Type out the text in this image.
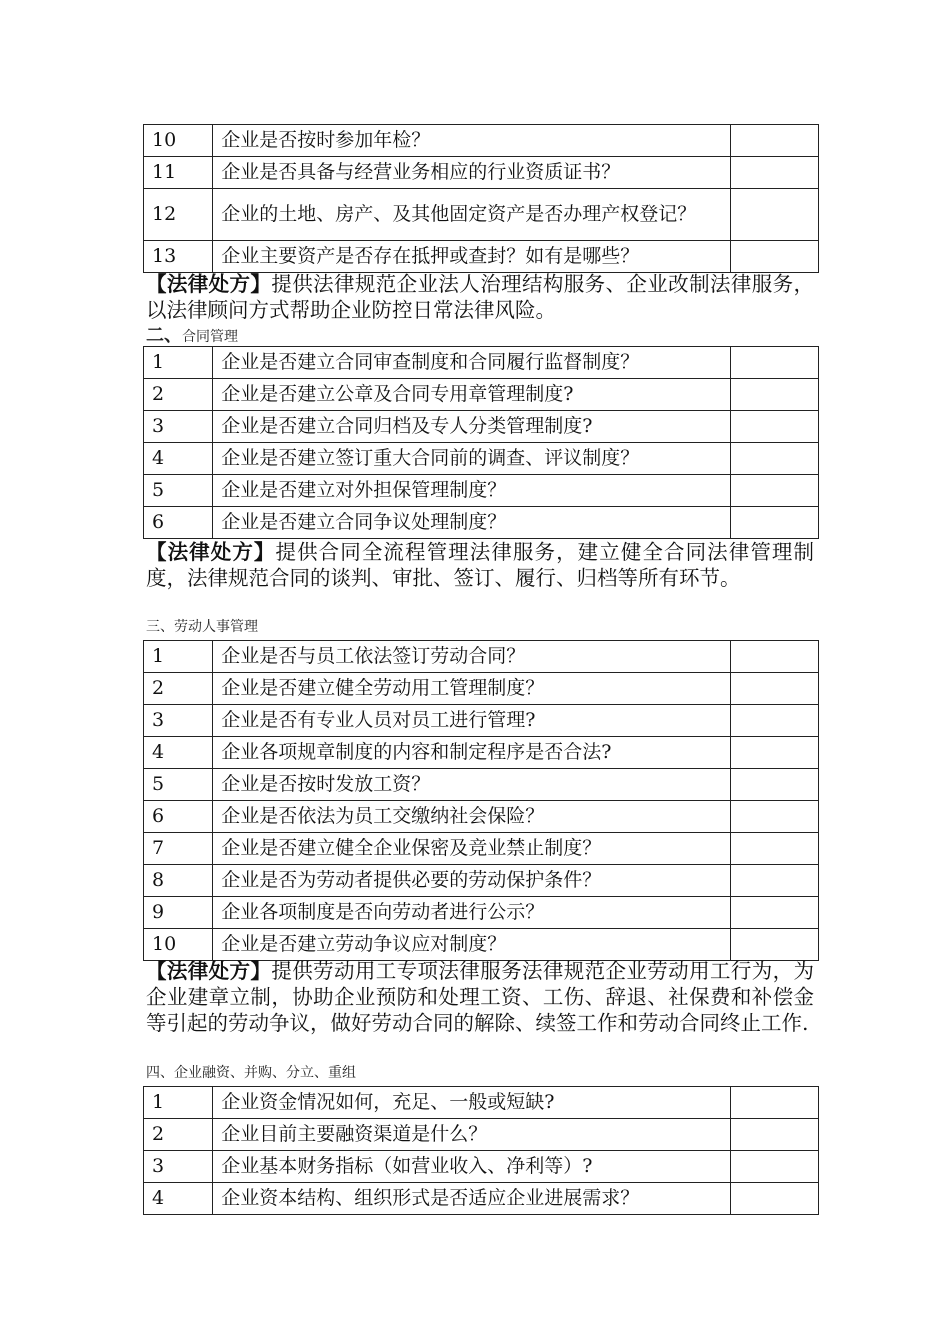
10	企业是否按时参加年检？	
11	企业是否具备与经营业务相应的行业资质证书？	
12	企业的土地、房产、及其他固定资产是否办理产权登记？	
13	企业主要资产是否存在抵押或查封？如有是哪些？	

【法律处方】提供法律规范企业法人治理结构服务、企业改制法律服务，以法律顾问方式帮助企业防控日常法律风险。

二、合同管理
1	企业是否建立合同审查制度和合同履行监督制度？	
2	企业是否建立公章及合同专用章管理制度?	
3	企业是否建立合同归档及专人分类管理制度?	
4	企业是否建立签订重大合同前的调查、评议制度？	
5	企业是否建立对外担保管理制度？	
6	企业是否建立合同争议处理制度？	

【法律处方】提供合同全流程管理法律服务，建立健全合同法律管理制度，法律规范合同的谈判、审批、签订、履行、归档等所有环节。

三、劳动人事管理
1	企业是否与员工依法签订劳动合同？	
2	企业是否建立健全劳动用工管理制度？	
3	企业是否有专业人员对员工进行管理?	
4	企业各项规章制度的内容和制定程序是否合法?	
5	企业是否按时发放工资？	
6	企业是否依法为员工交缴纳社会保险？	
7	企业是否建立健全企业保密及竞业禁止制度？	
8	企业是否为劳动者提供必要的劳动保护条件？	
9	企业各项制度是否向劳动者进行公示？	
10	企业是否建立劳动争议应对制度？	

【法律处方】提供劳动用工专项法律服务法律规范企业劳动用工行为，为企业建章立制，协助企业预防和处理工资、工伤、辞退、社保费和补偿金等引起的劳动争议，做好劳动合同的解除、续签工作和劳动合同终止工作.

四、企业融资、并购、分立、重组
1	企业资金情况如何，充足、一般或短缺?	
2	企业目前主要融资渠道是什么？	
3	企业基本财务指标（如营业收入、净利等）?	
4	企业资本结构、组织形式是否适应企业进展需求？	
